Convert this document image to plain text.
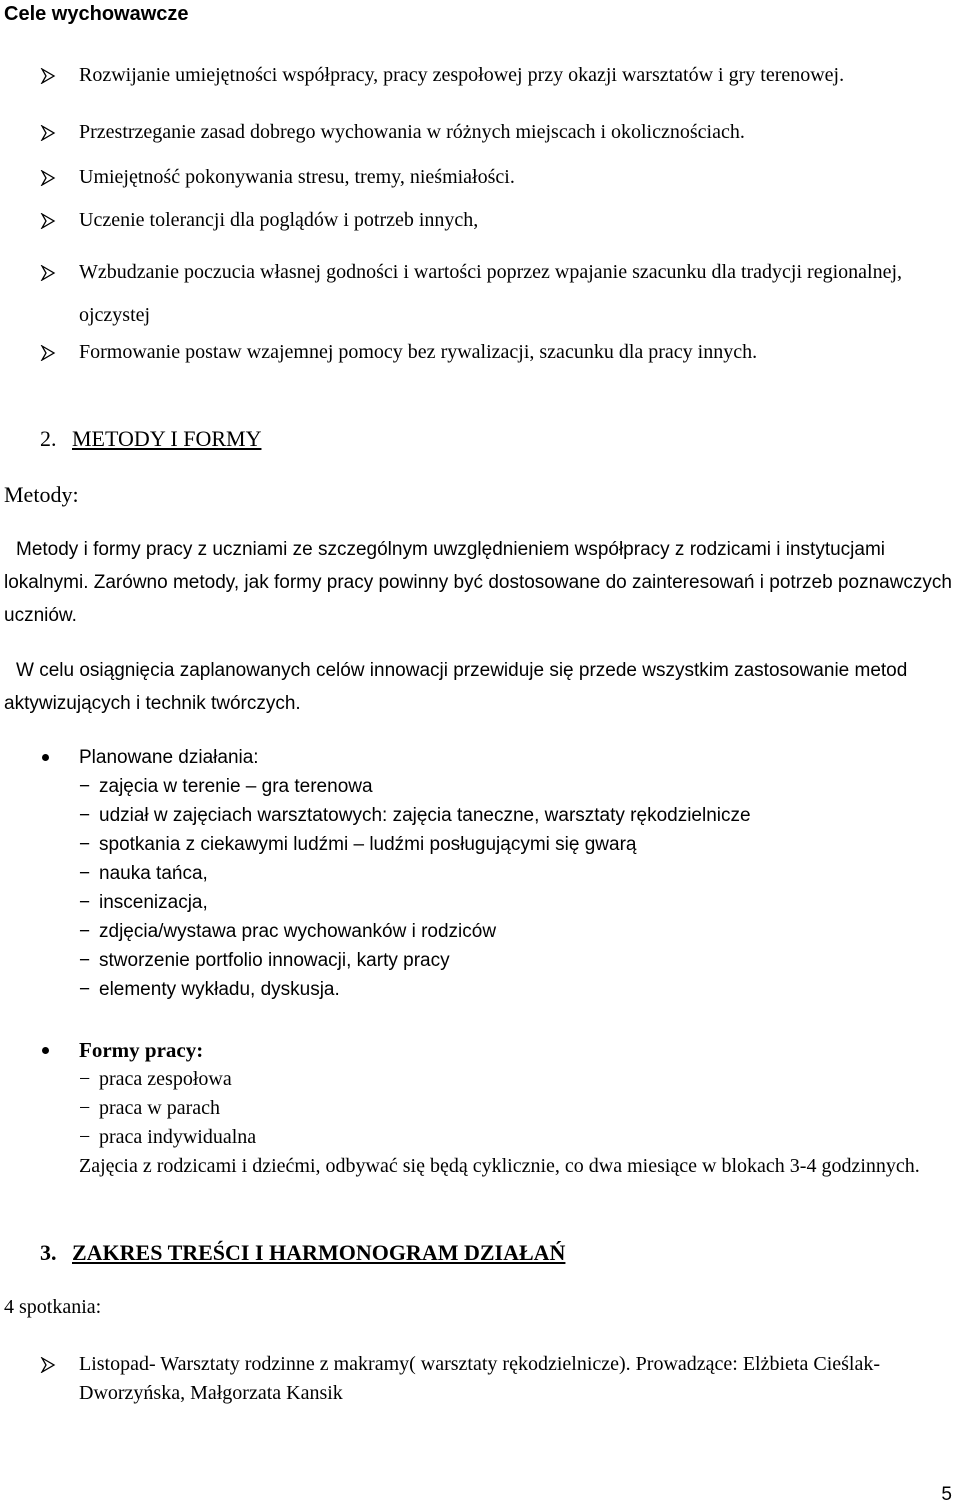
Cele wychowawcze
Rozwijanie umiejętności współpracy, pracy zespołowej przy okazji warsztatów i gry terenowej.
Przestrzeganie zasad dobrego wychowania w różnych miejscach i okolicznościach.
Umiejętność pokonywania stresu, tremy, nieśmiałości.
Uczenie tolerancji dla poglądów i potrzeb innych,
Wzbudzanie poczucia własnej godności i wartości poprzez wpajanie szacunku dla tradycji regionalnej, ojczystej
Formowanie postaw wzajemnej pomocy bez rywalizacji, szacunku dla pracy innych.
2. METODY I FORMY
Metody:

Metody i formy pracy z uczniami ze szczególnym uwzględnieniem współpracy z rodzicami i instytucjami lokalnymi. Zarówno metody, jak formy pracy powinny być dostosowane do zainteresowań i potrzeb poznawczych uczniów.

W celu osiągnięcia zaplanowanych celów innowacji przewiduje się przede wszystkim zastosowanie metod aktywizujących i technik twórczych.

Planowane działania:
− zajęcia w terenie – gra terenowa
− udział w zajęciach warsztatowych: zajęcia taneczne, warsztaty rękodzielnicze
− spotkania z ciekawymi ludźmi – ludźmi posługującymi się gwarą
− nauka tańca,
− inscenizacja,
− zdjęcia/wystawa prac wychowanków i rodziców
− stworzenie portfolio innowacji, karty pracy
− elementy wykładu, dyskusja.
Formy pracy:
− praca zespołowa
− praca w parach
− praca indywidualna
Zajęcia z rodzicami i dziećmi, odbywać się będą cyklicznie, co dwa miesiące w blokach 3-4 godzinnych.
3. ZAKRES TREŚCI I HARMONOGRAM DZIAŁAŃ
4 spotkania:
Listopad- Warsztaty rodzinne z makramy( warsztaty rękodzielnicze). Prowadzące: Elżbieta Cieślak- Dworzyńska, Małgorzata Kansik
5
